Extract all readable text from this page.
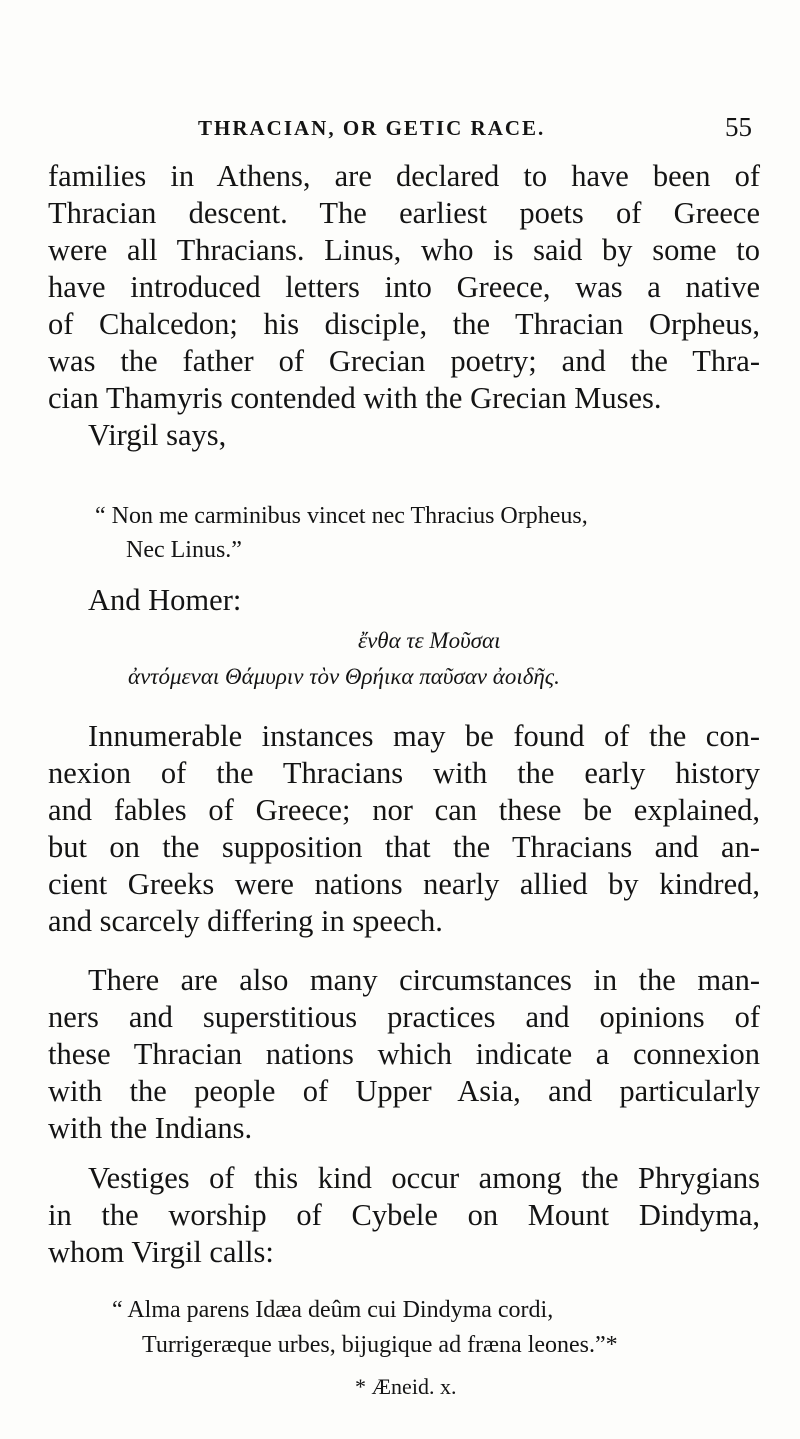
THRACIAN, OR GETIC RACE.	55
families in Athens, are declared to have been of
Thracian descent. The earliest poets of Greece
were all Thracians. Linus, who is said by some to
have introduced letters into Greece, was a native
of Chalcedon; his disciple, the Thracian Orpheus,
was the father of Grecian poetry; and the Thra-
cian Thamyris contended with the Grecian Muses.
Virgil says,
“ Non me carminibus vincet nec Thracius Orpheus,
Nec Linus.”
And Homer:
ἔνθα τε Μοῦσαι
ἀντόμεναι Θάμυριν τὸν Θρήικα παῦσαν ἀοιδῆς.
Innumerable instances may be found of the con-
nexion of the Thracians with the early history
and fables of Greece; nor can these be explained,
but on the supposition that the Thracians and an-
cient Greeks were nations nearly allied by kindred,
and scarcely differing in speech.
There are also many circumstances in the man-
ners and superstitious practices and opinions of
these Thracian nations which indicate a connexion
with the people of Upper Asia, and particularly
with the Indians.
Vestiges of this kind occur among the Phrygians
in the worship of Cybele on Mount Dindyma,
whom Virgil calls:
“ Alma parens Idæa deûm cui Dindyma cordi,
Turrigeræque urbes, bijugique ad fræna leones.”*
* Æneid. x.
